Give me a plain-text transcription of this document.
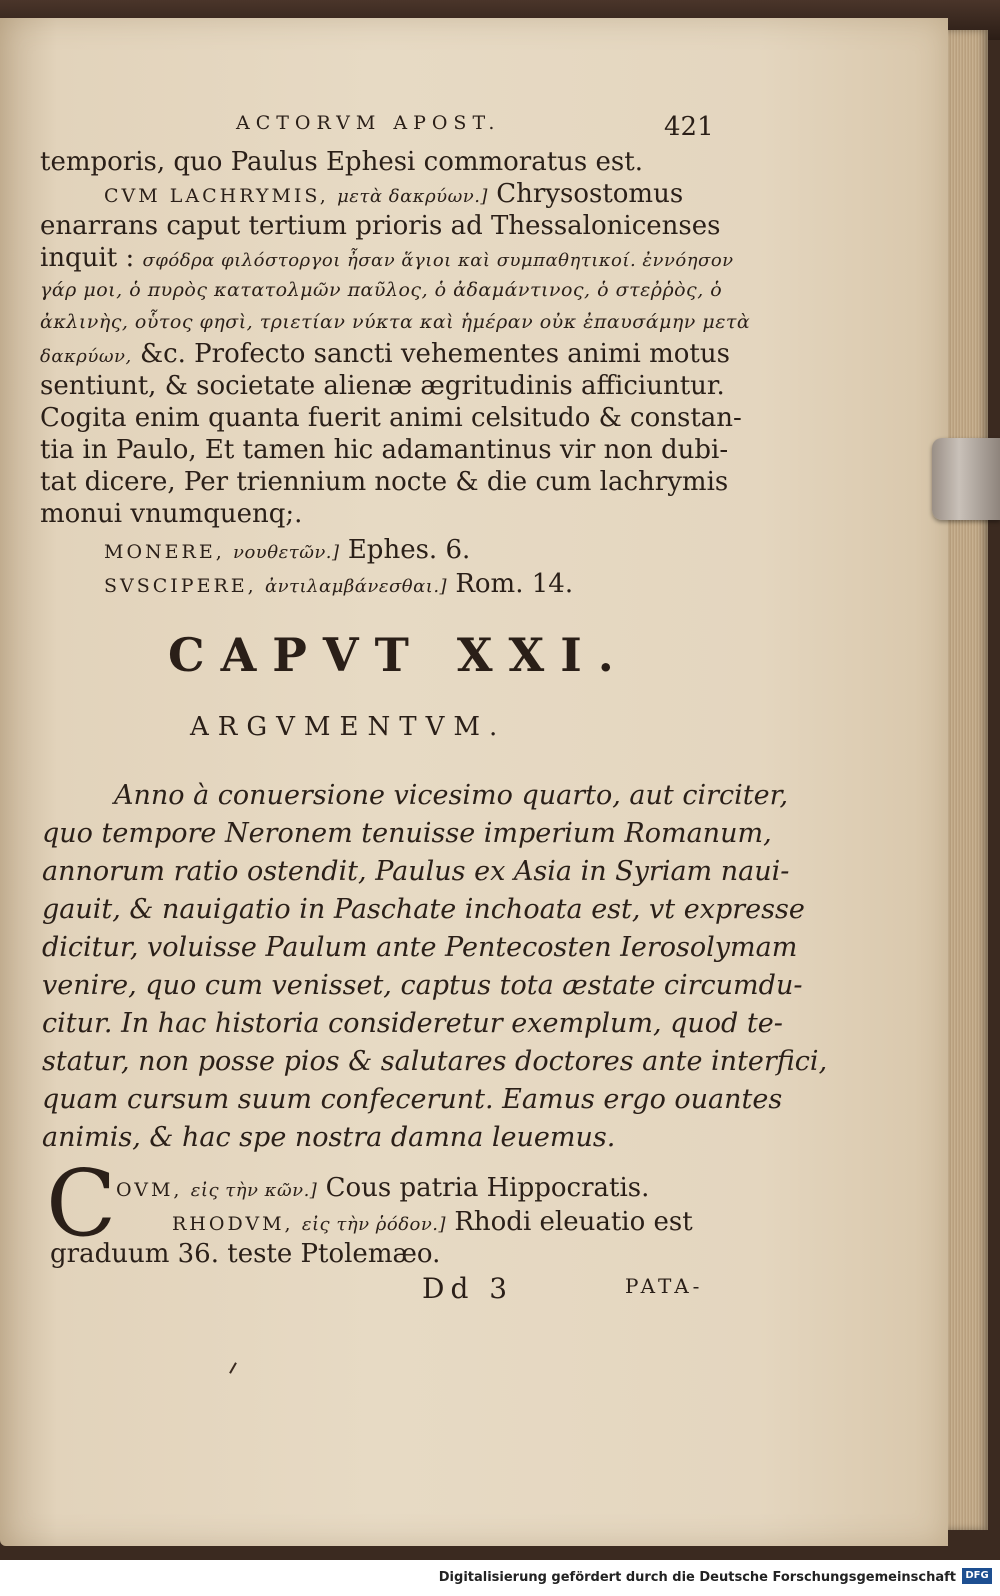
ACTORVM APOST.	421
temporis, quo Paulus Ephesi commoratus est.
CVM LACHRYMIS, μετὰ δακρύων.] Chrysostomus
enarrans caput tertium prioris ad Thessalonicenses
inquit : σφόδρα φιλόστοργοι ἦσαν ἅγιοι καὶ συμπαθητικοί. ἐννόησον
γάρ μοι, ὁ πυρὸς κατατολμῶν παῦλος, ὁ ἀδαμάντινος, ὁ στεῤῥὸς, ὁ
ἀκλινὴς, οὗτος φησὶ, τριετίαν νύκτα καὶ ἡμέραν οὐκ ἐπαυσάμην μετὰ
δακρύων, &c. Profecto sancti vehementes animi motus
sentiunt, & societate alienæ ægritudinis afficiuntur.
Cogita enim quanta fuerit animi celsitudo & constan-
tia in Paulo, Et tamen hic adamantinus vir non dubi-
tat dicere, Per triennium nocte & die cum lachrymis
monui vnumquenq;.
MONERE, νουθετῶν.] Ephes. 6.
SVSCIPERE, ἀντιλαμβάνεσθαι.] Rom. 14.
CAPVT XXI.
ARGVMENTVM.
Anno à conuersione vicesimo quarto, aut circiter,
quo tempore Neronem tenuisse imperium Romanum,
annorum ratio ostendit, Paulus ex Asia in Syriam naui-
gauit, & nauigatio in Paschate inchoata est, vt expresse
dicitur, voluisse Paulum ante Pentecosten Ierosolymam
venire, quo cum venisset, captus tota æstate circumdu-
citur. In hac historia consideretur exemplum, quod te-
statur, non posse pios & salutares doctores ante interfici,
quam cursum suum confecerunt. Eamus ergo ouantes
animis, & hac spe nostra damna leuemus.
C OVM, εἰς τὴν κῶν.] Cous patria Hippocratis.
RHODVM, εἰς τὴν ῥόδον.] Rhodi eleuatio est
graduum 36. teste Ptolemæo.
Dd 3	PATA-
Digitalisierung gefördert durch die Deutsche Forschungsgemeinschaft DFG
